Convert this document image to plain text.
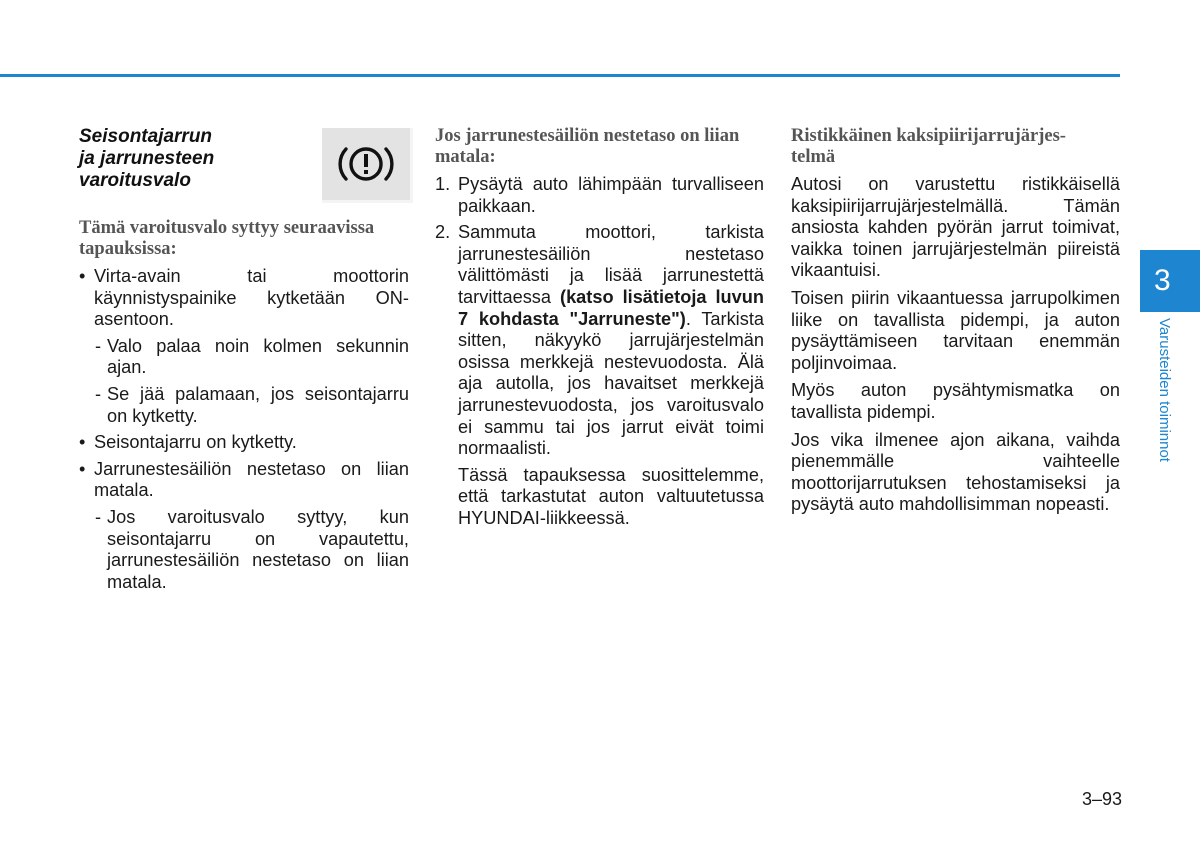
Seisontajarrun
ja jarrunesteen
varoitusvalo

Tämä varoitusvalo syttyy seuraavissa tapauksissa:

• Virta-avain tai moottorin käynnistyspainike kytketään ON-asentoon.

- Valo palaa noin kolmen sekunnin ajan.

- Se jää palamaan, jos seisontajarru on kytketty.

• Seisontajarru on kytketty.

• Jarrunestesäiliön nestetaso on liian matala.

- Jos varoitusvalo syttyy, kun seisontajarru on vapautettu, jarrunestesäiliön nestetaso on liian matala.

Jos jarrunestesäiliön nestetaso on liian matala:

1. Pysäytä auto lähimpään turvalliseen paikkaan.

2. Sammuta moottori, tarkista jarrunestesäiliön nestetaso välittömästi ja lisää jarrunestettä tarvittaessa (katso lisätietoja luvun 7 kohdasta "Jarruneste"). Tarkista sitten, näkyykö jarrujärjestelmän osissa merkkejä nestevuodosta. Älä aja autolla, jos havaitset merkkejä jarrunestevuodosta, jos varoitusvalo ei sammu tai jos jarrut eivät toimi normaalisti.

Tässä tapauksessa suosittelemme, että tarkastutat auton valtuutetussa HYUNDAI-liikkeessä.

Ristikkäinen kaksipiirijarrujärjes-
telmä

Autosi on varustettu ristikkäisellä kaksipiirijarrujärjestelmällä. Tämän ansiosta kahden pyörän jarrut toimivat, vaikka toinen jarrujärjestelmän piireistä vikaantuisi.

Toisen piirin vikaantuessa jarrupolkimen liike on tavallista pidempi, ja auton pysäyttämiseen tarvitaan enemmän poljinvoimaa.

Myös auton pysähtymismatka on tavallista pidempi.

Jos vika ilmenee ajon aikana, vaihda pienemmälle vaihteelle moottorijarrutuksen tehostamiseksi ja pysäytä auto mahdollisimman nopeasti.

3
Varusteiden toiminnot
3–93
